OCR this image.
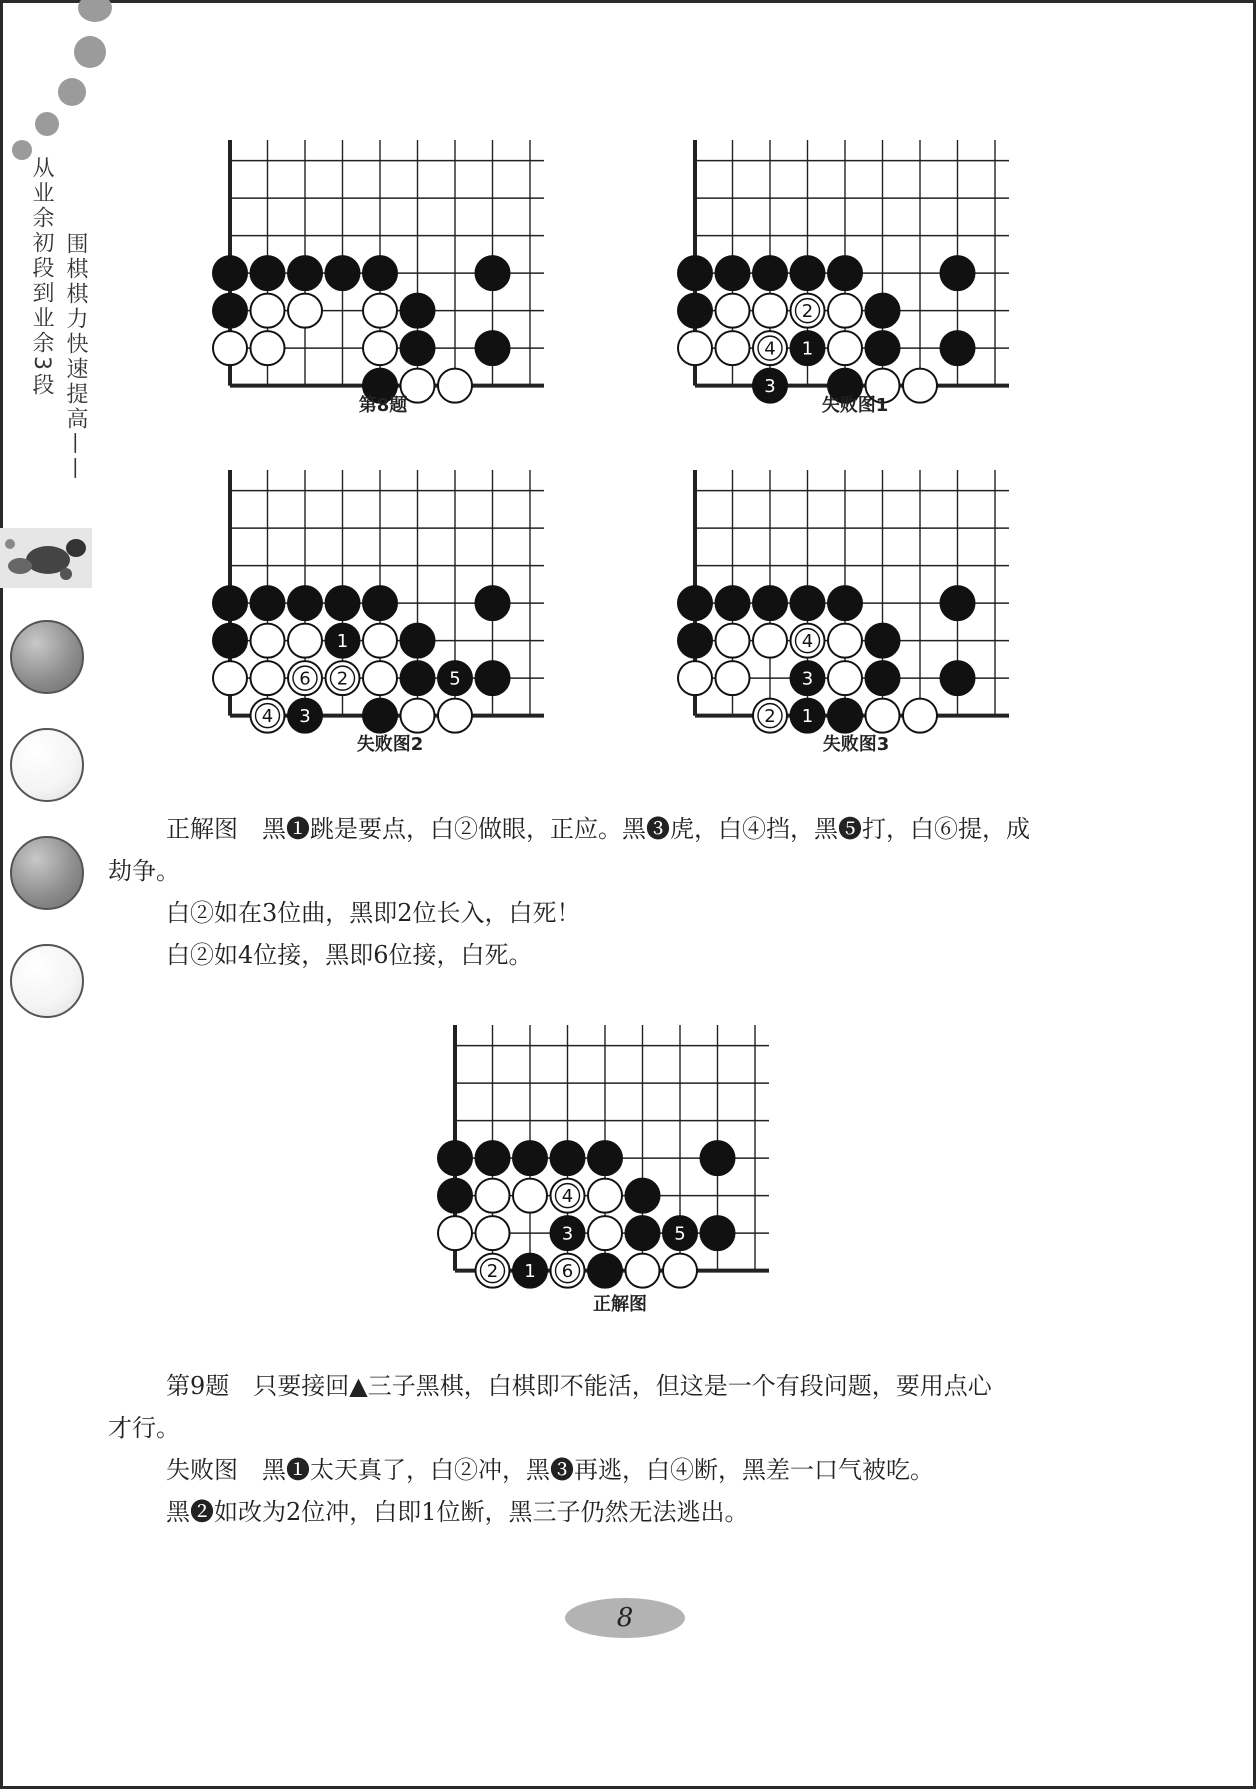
从业余初段到业余3段 围棋棋力快速提高——	第8题
2
4 1
3
失败图1
1
6 2	5
4 3
失败图2
4
3
2 1
失败图3

正解图　黑❶跳是要点，白②做眼，正应。黑❸虎，白④挡，黑❺打，白⑥提，成

劫争。

白②如在3位曲，黑即2位长入，白死！

白②如4位接，黑即6位接，白死。

4
3	5
2 1 6
正解图

第9题　只要接回▲三子黑棋，白棋即不能活，但这是一个有段问题，要用点心

才行。

失败图　黑❶太天真了，白②冲，黑❸再逃，白④断，黑差一口气被吃。

黑❷如改为2位冲，白即1位断，黑三子仍然无法逃出。

8
